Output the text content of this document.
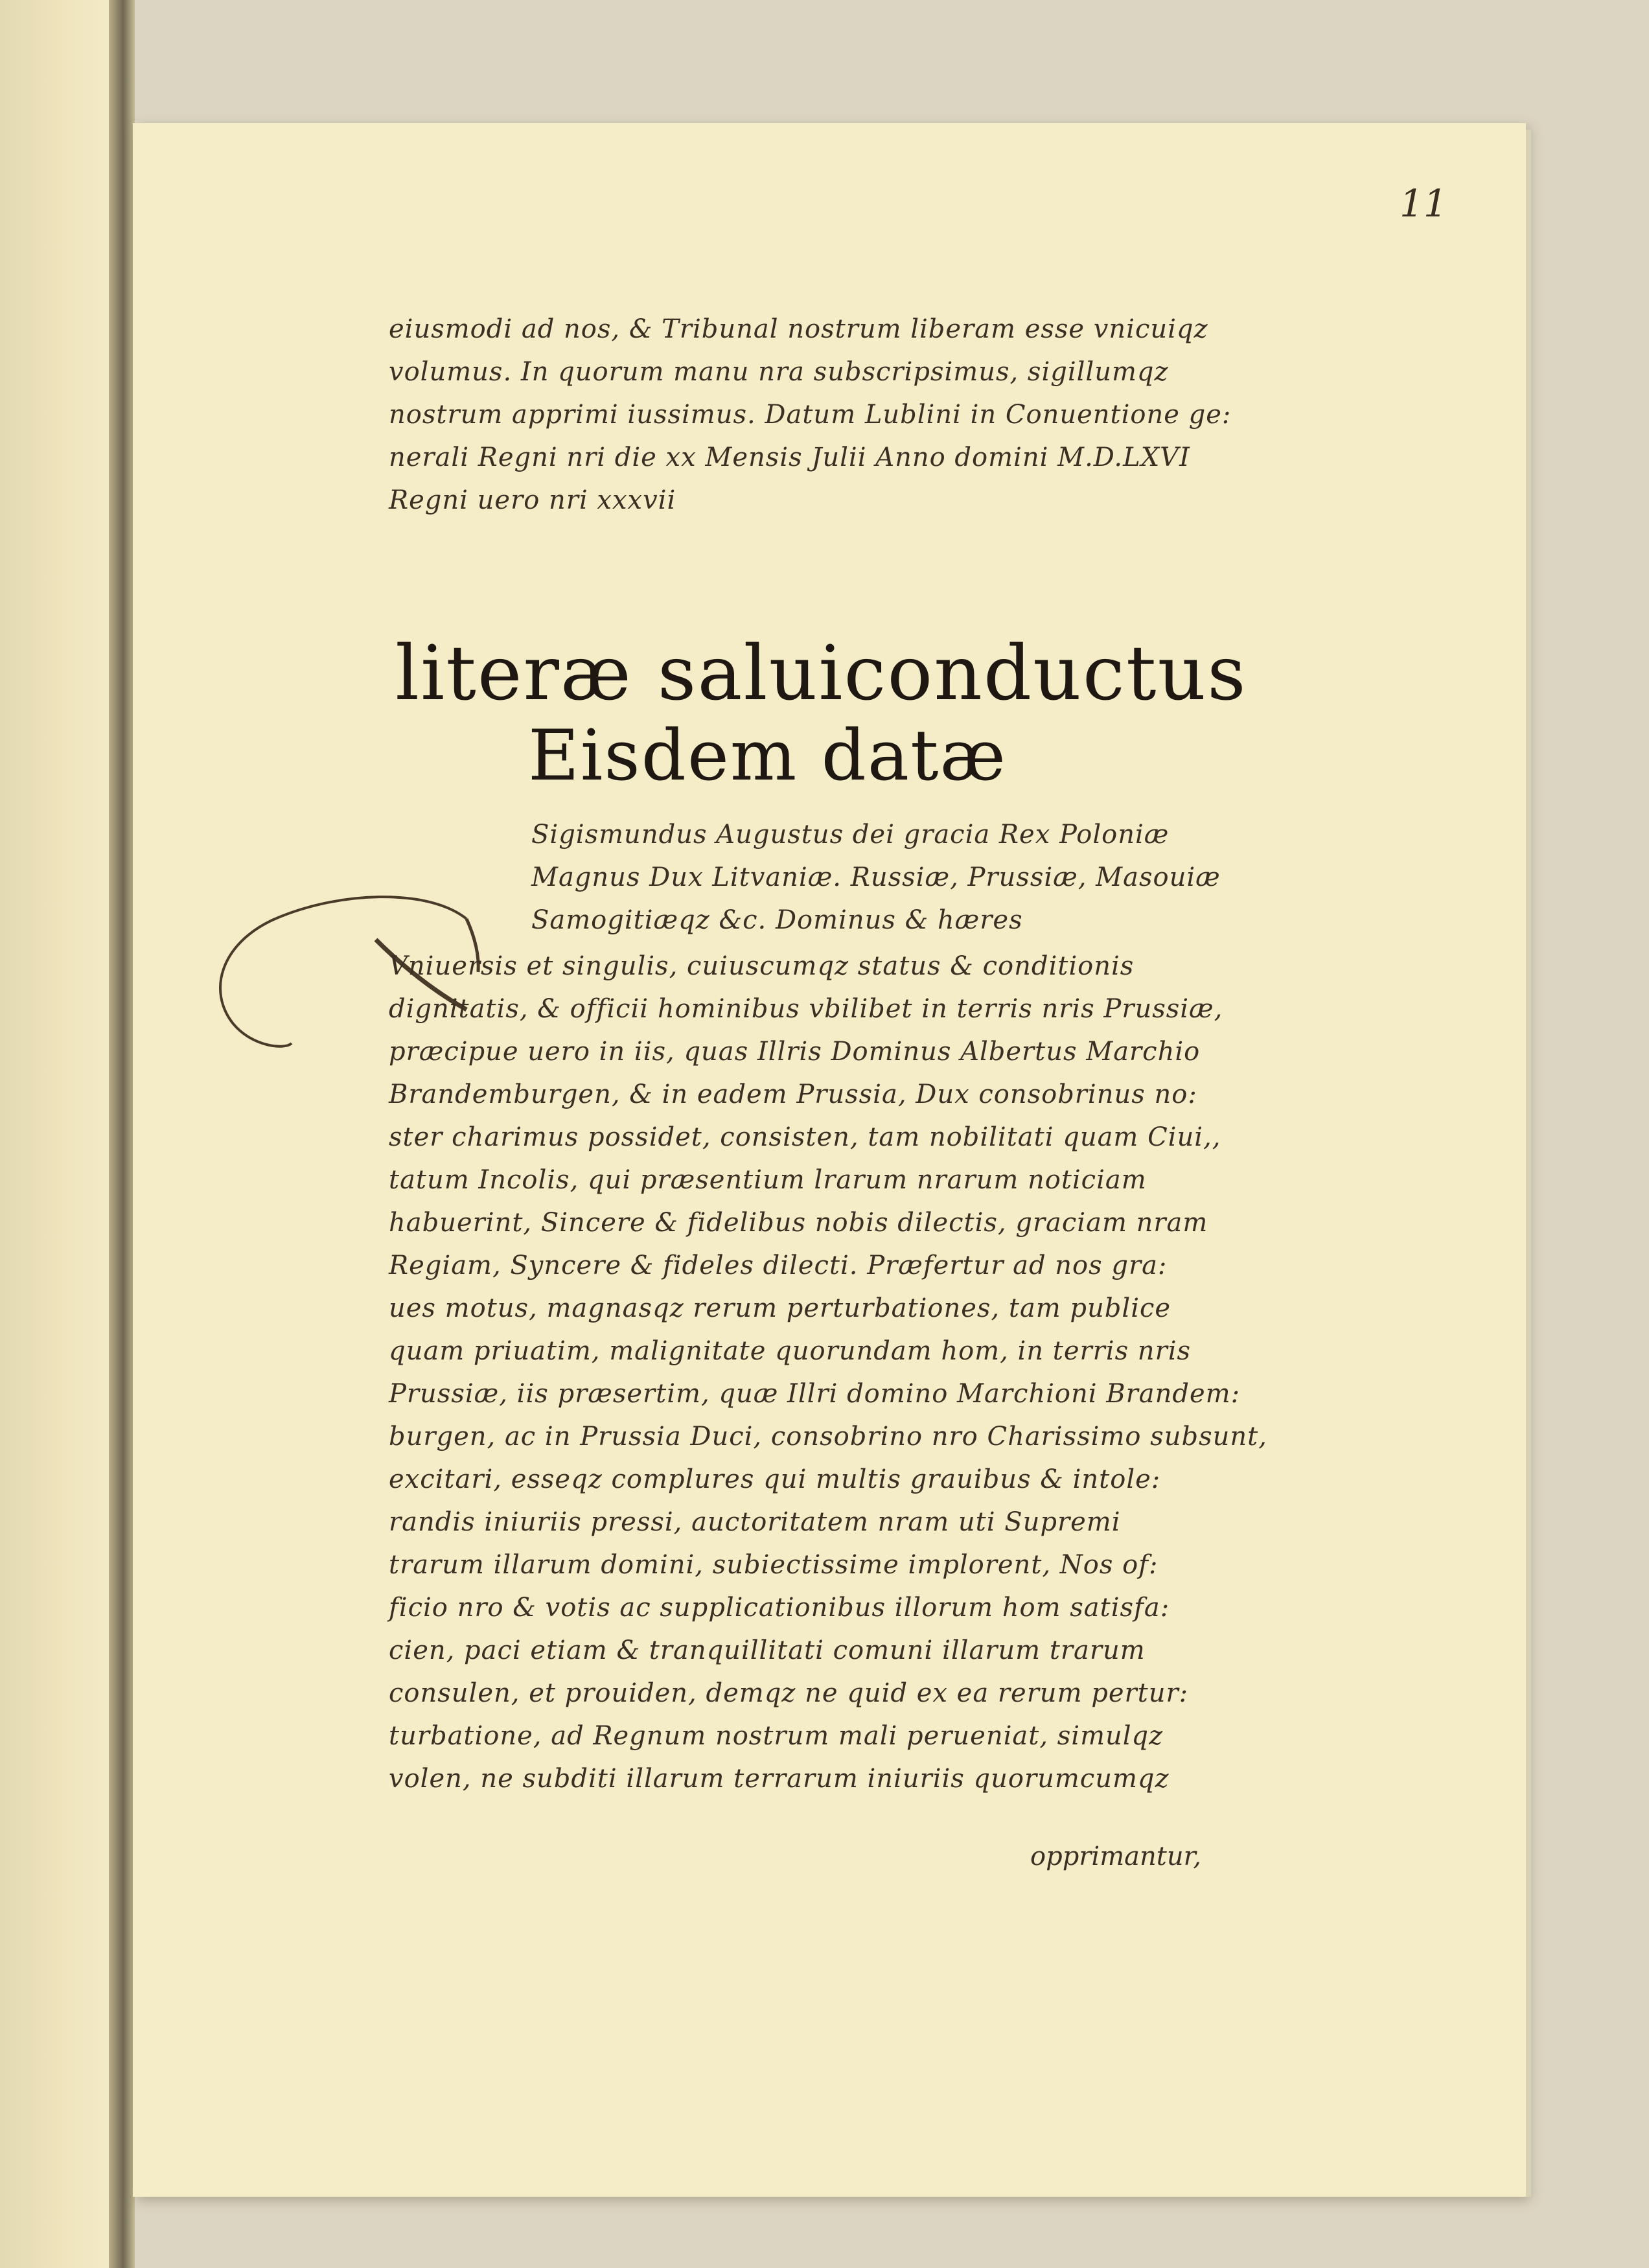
11
eiusmodi ad nos, & Tribunal nostrum liberam esse vnicuiqz
volumus. In quorum manu nra subscripsimus, sigillumqz
nostrum apprimi iussimus. Datum Lublini in Conuentione ge:
nerali Regni nri die xx Mensis Julii Anno domini M.D.LXVI
Regni uero nri xxxvii
literæ saluiconductus
Eisdem datæ
Sigismundus Augustus dei gracia Rex Poloniæ
Magnus Dux Litvaniæ. Russiæ, Prussiæ, Masouiæ
Samogitiæqz &c. Dominus & hæres
Vniuersis et singulis, cuiuscumqz status & conditionis
dignitatis, & officii hominibus vbilibet in terris nris Prussiæ,
præcipue uero in iis, quas Illris Dominus Albertus Marchio
Brandemburgen, & in eadem Prussia, Dux consobrinus no:
ster charimus possidet, consisten, tam nobilitati quam Ciui,,
tatum Incolis, qui præsentium lrarum nrarum noticiam
habuerint, Sincere & fidelibus nobis dilectis, graciam nram
Regiam, Syncere & fideles dilecti. Præfertur ad nos gra:
ues motus, magnasqz rerum perturbationes, tam publice
quam priuatim, malignitate quorundam hom, in terris nris
Prussiæ, iis præsertim, quæ Illri domino Marchioni Brandem:
burgen, ac in Prussia Duci, consobrino nro Charissimo subsunt,
excitari, esseqz complures qui multis grauibus & intole:
randis iniuriis pressi, auctoritatem nram uti Supremi
trarum illarum domini, subiectissime implorent, Nos of:
ficio nro & votis ac supplicationibus illorum hom satisfa:
cien, paci etiam & tranquillitati comuni illarum trarum
consulen, et prouiden, demqz ne quid ex ea rerum pertur:
turbatione, ad Regnum nostrum mali perueniat, simulqz
volen, ne subditi illarum terrarum iniuriis quorumcumqz
opprimantur,
